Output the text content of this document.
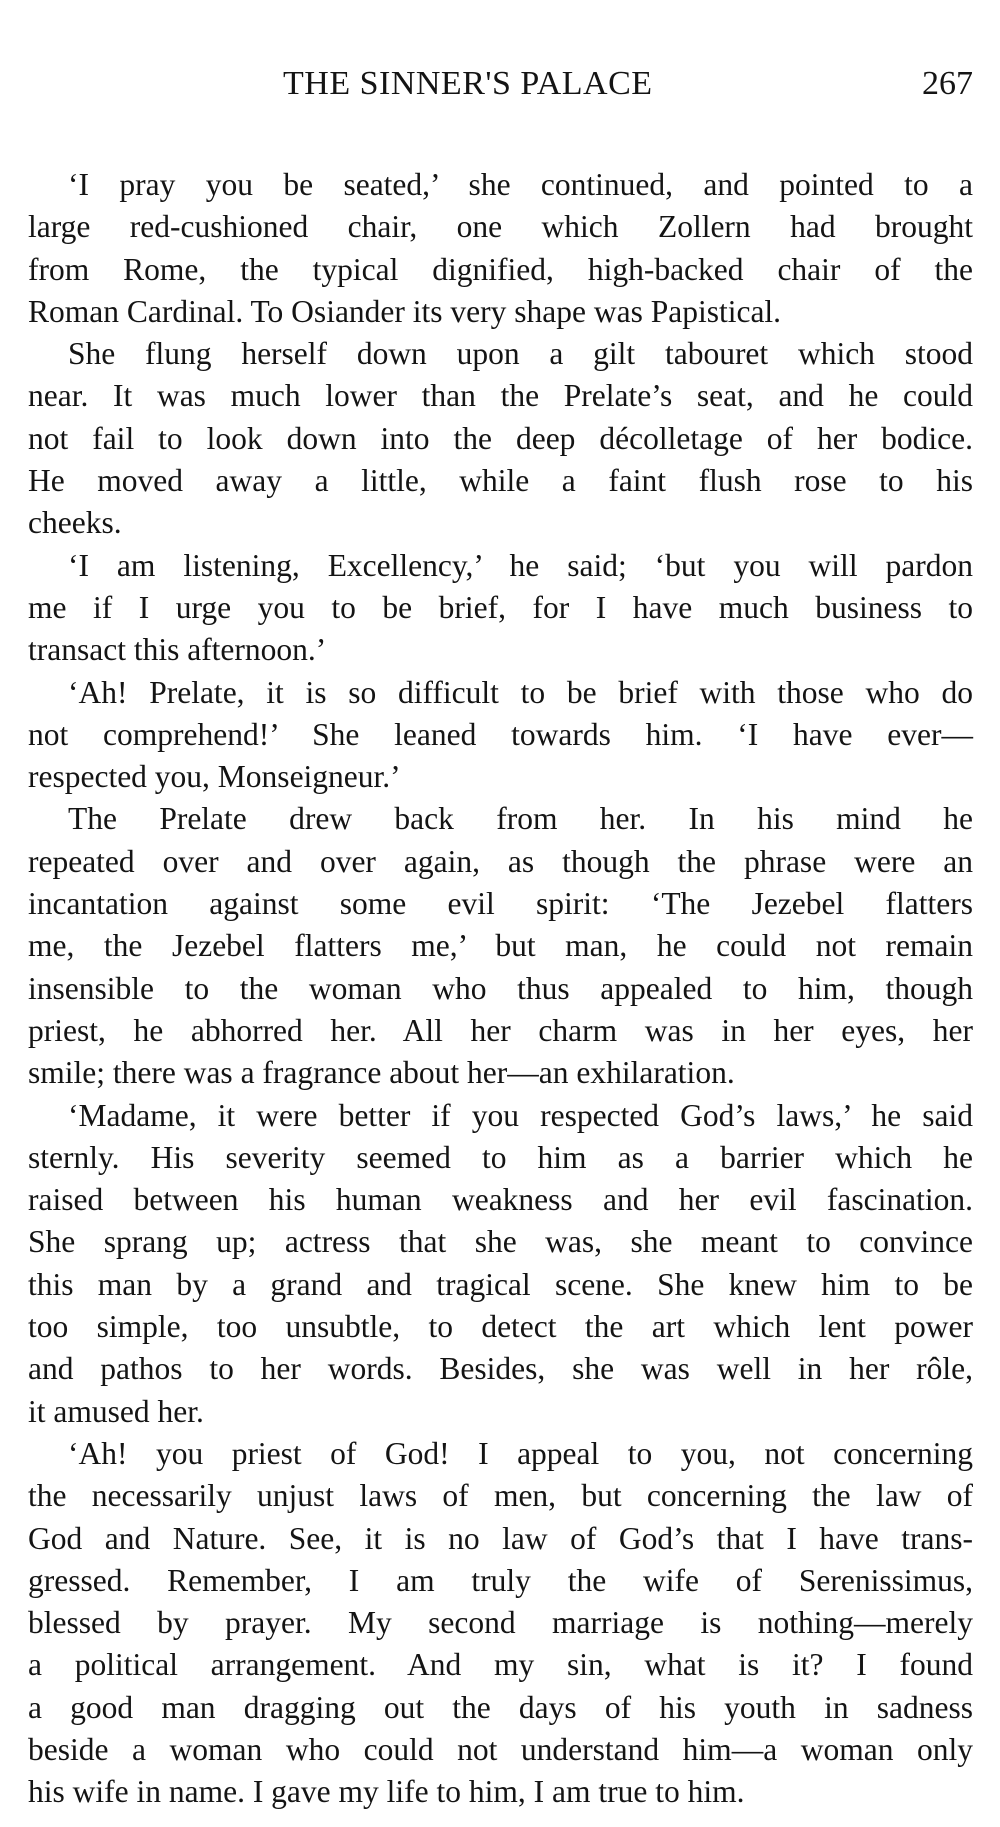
THE SINNER'S PALACE	267
‘I pray you be seated,’ she continued, and pointed to a
large red-cushioned chair, one which Zollern had brought
from Rome, the typical dignified, high-backed chair of the
Roman Cardinal. To Osiander its very shape was Papistical.
She flung herself down upon a gilt tabouret which stood
near. It was much lower than the Prelate’s seat, and he could
not fail to look down into the deep décolletage of her bodice.
He moved away a little, while a faint flush rose to his
cheeks.
‘I am listening, Excellency,’ he said; ‘but you will pardon
me if I urge you to be brief, for I have much business to
transact this afternoon.’
‘Ah! Prelate, it is so difficult to be brief with those who do
not comprehend!’ She leaned towards him. ‘I have ever—
respected you, Monseigneur.’
The Prelate drew back from her. In his mind he
repeated over and over again, as though the phrase were an
incantation against some evil spirit: ‘The Jezebel flatters
me, the Jezebel flatters me,’ but man, he could not remain
insensible to the woman who thus appealed to him, though
priest, he abhorred her. All her charm was in her eyes, her
smile; there was a fragrance about her—an exhilaration.
‘Madame, it were better if you respected God’s laws,’ he said
sternly. His severity seemed to him as a barrier which he
raised between his human weakness and her evil fascination.
She sprang up; actress that she was, she meant to convince
this man by a grand and tragical scene. She knew him to be
too simple, too unsubtle, to detect the art which lent power
and pathos to her words. Besides, she was well in her rôle,
it amused her.
‘Ah! you priest of God! I appeal to you, not concerning
the necessarily unjust laws of men, but concerning the law of
God and Nature. See, it is no law of God’s that I have trans-
gressed. Remember, I am truly the wife of Serenissimus,
blessed by prayer. My second marriage is nothing—merely
a political arrangement. And my sin, what is it? I found
a good man dragging out the days of his youth in sadness
beside a woman who could not understand him—a woman only
his wife in name. I gave my life to him, I am true to him.
